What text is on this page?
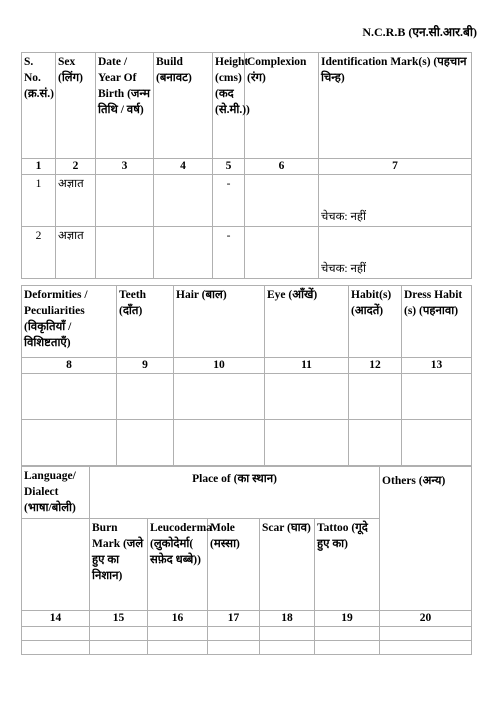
N.C.R.B (एन.सी.आर.बी)
S. No. (क्र.सं.)	Sex (लिंग)	Date / Year Of Birth (जन्म तिथि / वर्ष)	Build (बनावट)	Height (cms) (कद (से.मी.))	Complexion (रंग)	Identification Mark(s) (पहचान चिन्ह)
1	2	3	4	5	6	7
1	अज्ञात			-		चेचक: नहीं
2	अज्ञात			-		चेचक: नहीं
Deformities / Peculiarities (विकृतियाँ / विशिष्टताएँ)	Teeth (दाँत)	Hair (बाल)	Eye (आँखें)	Habit(s) (आदतें)	Dress Habit (s) (पहनावा)
8	9	10	11	12	13

Language/ Dialect (भाषा/बोली)	Place of (का स्थान)					Others (अन्य)
	Burn Mark (जले हुए का निशान)	Leucoderma (लुकोदेर्मा( सफ़ेद धब्बे))	Mole (मस्सा)	Scar (घाव)	Tattoo (गूदे हुए का)	
14	15	16	17	18	19	20
